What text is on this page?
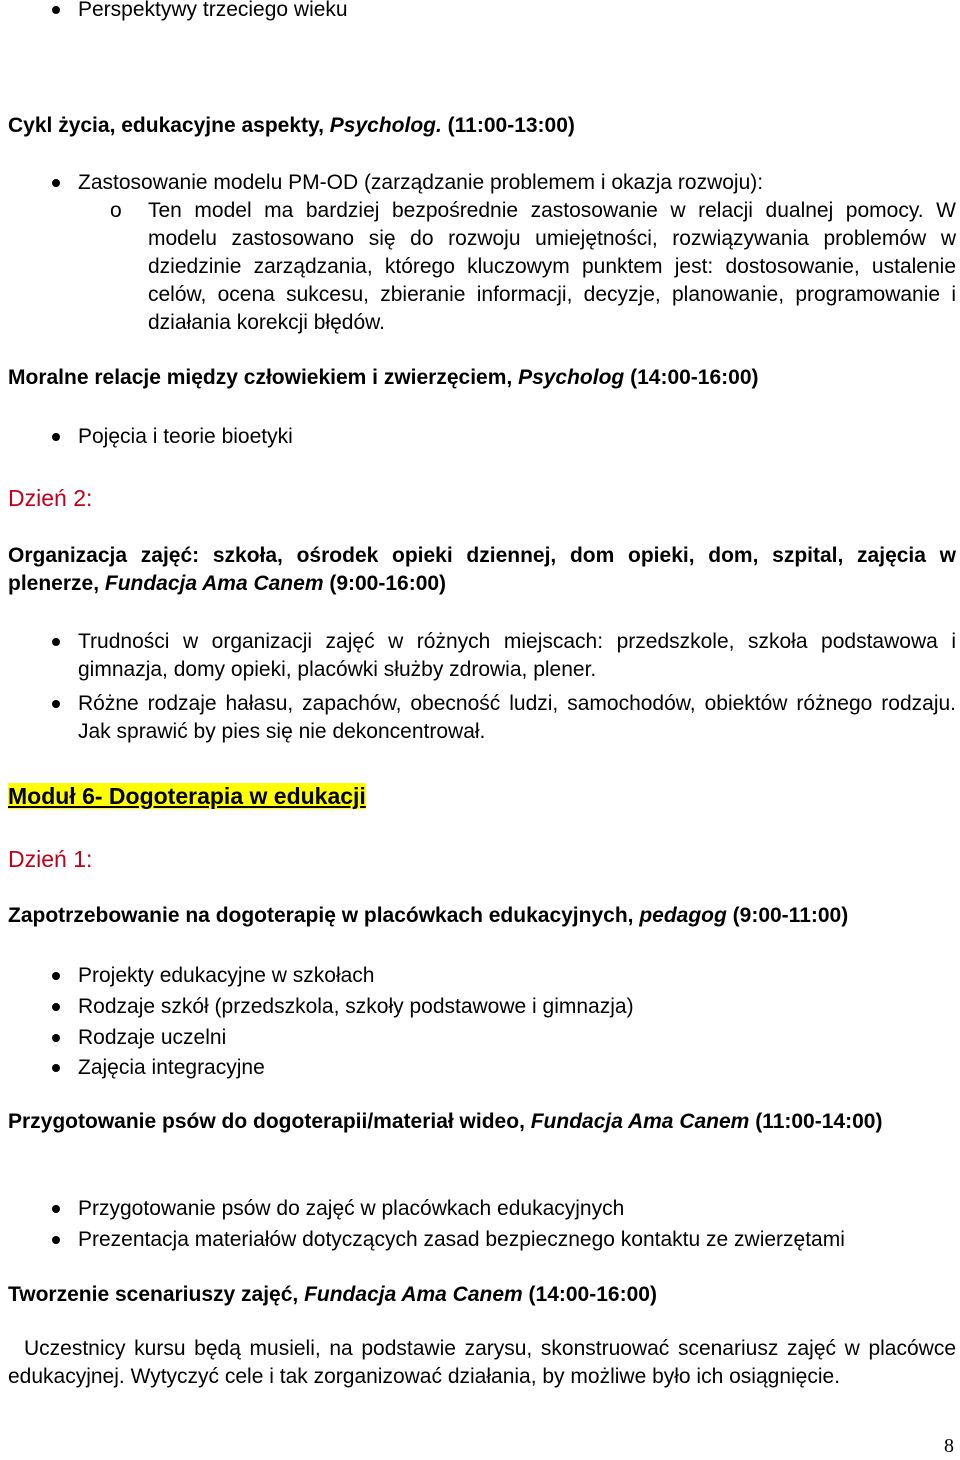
Perspektywy trzeciego wieku
Cykl życia, edukacyjne aspekty, Psycholog. (11:00-13:00)
Zastosowanie modelu PM-OD (zarządzanie problemem i okazja rozwoju):
o Ten model ma bardziej bezpośrednie zastosowanie w relacji dualnej pomocy. W modelu zastosowano się do rozwoju umiejętności, rozwiązywania problemów w dziedzinie zarządzania, którego kluczowym punktem jest: dostosowanie, ustalenie celów, ocena sukcesu, zbieranie informacji, decyzje, planowanie, programowanie i działania korekcji błędów.
Moralne relacje między człowiekiem i zwierzęciem, Psycholog (14:00-16:00)
Pojęcia i teorie bioetyki
Dzień 2:
Organizacja zajęć: szkoła, ośrodek opieki dziennej, dom opieki, dom, szpital, zajęcia w plenerze, Fundacja Ama Canem (9:00-16:00)
Trudności w organizacji zajęć w różnych miejscach: przedszkole, szkoła podstawowa i gimnazja, domy opieki, placówki służby zdrowia, plener.
Różne rodzaje hałasu, zapachów, obecność ludzi, samochodów, obiektów różnego rodzaju. Jak sprawić by pies się nie dekoncentrował.
Moduł 6- Dogoterapia w edukacji
Dzień 1:
Zapotrzebowanie na dogoterapię w placówkach edukacyjnych, pedagog (9:00-11:00)
Projekty edukacyjne w szkołach
Rodzaje szkół (przedszkola, szkoły podstawowe i gimnazja)
Rodzaje uczelni
Zajęcia integracyjne
Przygotowanie psów do dogoterapii/materiał wideo, Fundacja Ama Canem (11:00-14:00)
Przygotowanie psów do zajęć w placówkach edukacyjnych
Prezentacja materiałów dotyczących zasad bezpiecznego kontaktu ze zwierzętami
Tworzenie scenariuszy zajęć, Fundacja Ama Canem (14:00-16:00)
Uczestnicy kursu będą musieli, na podstawie zarysu, skonstruować scenariusz zajęć w placówce edukacyjnej. Wytyczyć cele i tak zorganizować działania, by możliwe było ich osiągnięcie.
8
